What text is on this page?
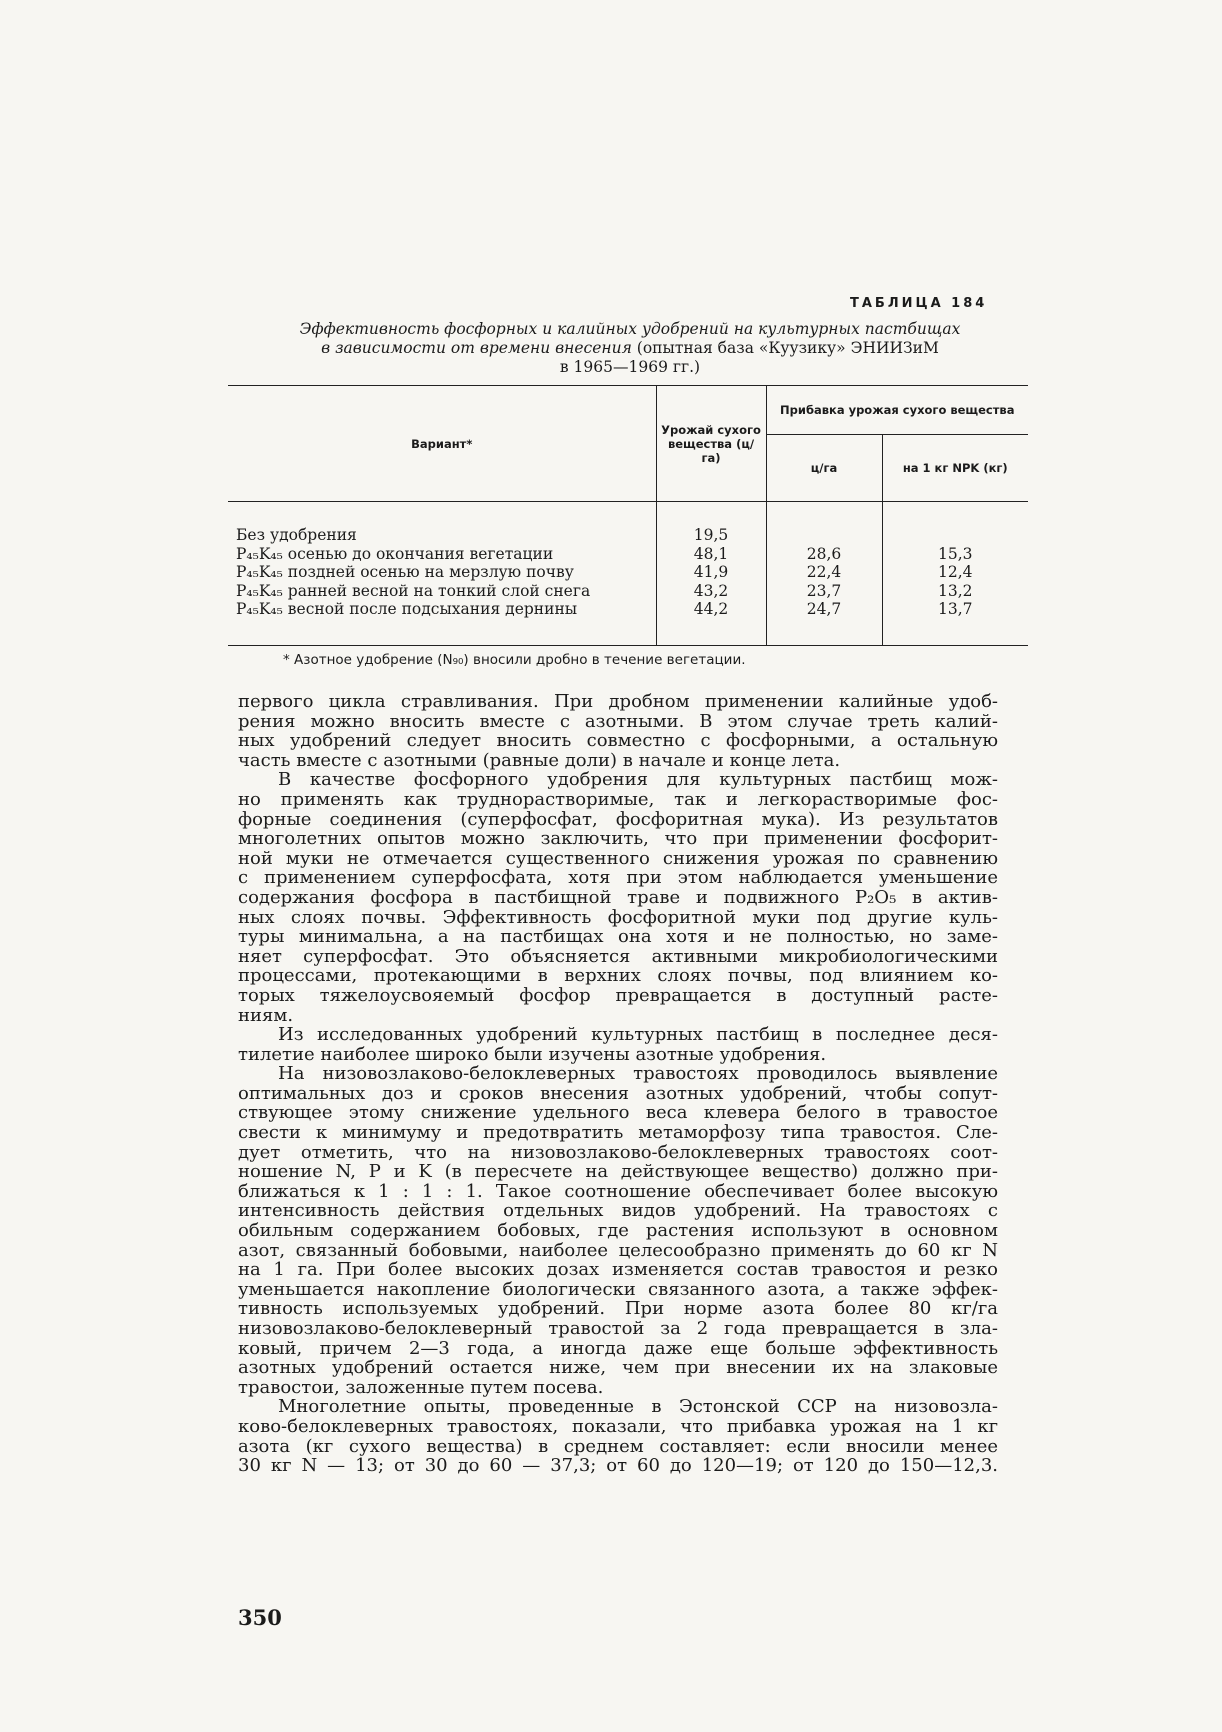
ТАБЛИЦА 184
Эффективность фосфорных и калийных удобрений на культурных пастбищах
в зависимости от времени внесения (опытная база «Куузику» ЭНИИЗиМ
в 1965—1969 гг.)
Вариант*	Урожай сухого вещества (ц/га)	Прибавка урожая сухого вещества	
		ц/га	на 1 кг NPK (кг)
Без удобрения	19,5		
P₄₅K₄₅ осенью до окончания вегетации	48,1	28,6	15,3
P₄₅K₄₅ поздней осенью на мерзлую почву	41,9	22,4	12,4
P₄₅K₄₅ ранней весной на тонкий слой снега	43,2	23,7	13,2
P₄₅K₄₅ весной после подсыхания дернины	44,2	24,7	13,7
* Азотное удобрение (N₉₀) вносили дробно в течение вегетации.

первого цикла стравливания. При дробном применении калийные удоб-
рения можно вносить вместе с азотными. В этом случае треть калий-
ных удобрений следует вносить совместно с фосфорными, а остальную
часть вместе с азотными (равные доли) в начале и конце лета.

В качестве фосфорного удобрения для культурных пастбищ мож-
но применять как труднорастворимые, так и легкорастворимые фос-
форные соединения (суперфосфат, фосфоритная мука). Из результатов
многолетних опытов можно заключить, что при применении фосфорит-
ной муки не отмечается существенного снижения урожая по сравнению
с применением суперфосфата, хотя при этом наблюдается уменьшение
содержания фосфора в пастбищной траве и подвижного P₂O₅ в актив-
ных слоях почвы. Эффективность фосфоритной муки под другие куль-
туры минимальна, а на пастбищах она хотя и не полностью, но заме-
няет суперфосфат. Это объясняется активными микробиологическими
процессами, протекающими в верхних слоях почвы, под влиянием ко-
торых тяжелоусвояемый фосфор превращается в доступный расте-
ниям.

Из исследованных удобрений культурных пастбищ в последнее деся-
тилетие наиболее широко были изучены азотные удобрения.

На низовозлаково-белоклеверных травостоях проводилось выявление
оптимальных доз и сроков внесения азотных удобрений, чтобы сопут-
ствующее этому снижение удельного веса клевера белого в травостое
свести к минимуму и предотвратить метаморфозу типа травостоя. Сле-
дует отметить, что на низовозлаково-белоклеверных травостоях соот-
ношение N, P и K (в пересчете на действующее вещество) должно при-
ближаться к 1 : 1 : 1. Такое соотношение обеспечивает более высокую
интенсивность действия отдельных видов удобрений. На травостоях с
обильным содержанием бобовых, где растения используют в основном
азот, связанный бобовыми, наиболее целесообразно применять до 60 кг N
на 1 га. При более высоких дозах изменяется состав травостоя и резко
уменьшается накопление биологически связанного азота, а также эффек-
тивность используемых удобрений. При норме азота более 80 кг/га
низовозлаково-белоклеверный травостой за 2 года превращается в зла-
ковый, причем 2—3 года, а иногда даже еще больше эффективность
азотных удобрений остается ниже, чем при внесении их на злаковые
травостои, заложенные путем посева.

Многолетние опыты, проведенные в Эстонской ССР на низовозла-
ково-белоклеверных травостоях, показали, что прибавка урожая на 1 кг
азота (кг сухого вещества) в среднем составляет: если вносили менее
30 кг N — 13; от 30 до 60 — 37,3; от 60 до 120—19; от 120 до 150—12,3.

350
